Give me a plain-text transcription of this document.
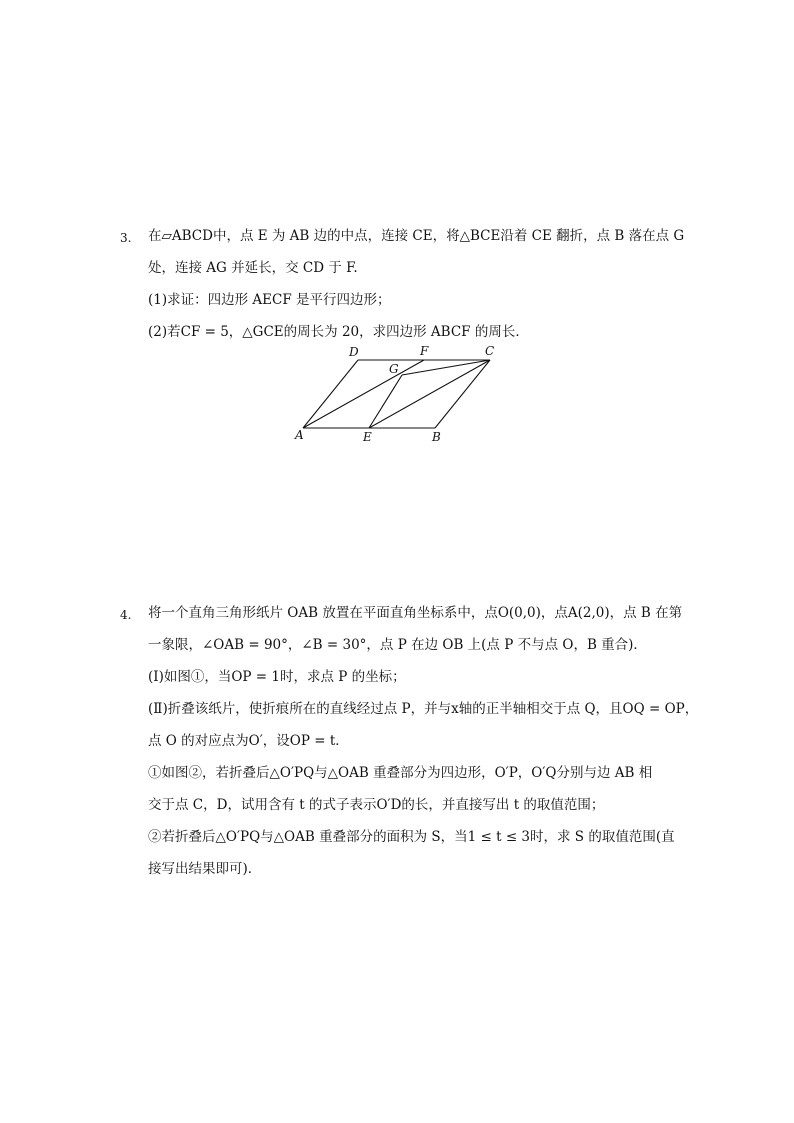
3. 在▱ABCD中，点 E 为 AB 边的中点，连接 CE，将△BCE沿着 CE 翻折，点 B 落在点 G
处，连接 AG 并延长，交 CD 于 F.
(1)求证：四边形 AECF 是平行四边形；
(2)若CF = 5，△GCE的周长为 20，求四边形 ABCF 的周长．
D	F	C
G
A	E	B
4. 将一个直角三角形纸片 OAB 放置在平面直角坐标系中，点O(0,0)，点A(2,0)，点 B 在第
一象限，∠OAB = 90°，∠B = 30°，点 P 在边 OB 上(点 P 不与点 O，B 重合)．
(Ⅰ)如图①，当OP = 1时，求点 P 的坐标；
(Ⅱ)折叠该纸片，使折痕所在的直线经过点 P，并与x轴的正半轴相交于点 Q，且OQ = OP，
点 O 的对应点为O′，设OP = t．
①如图②，若折叠后△O′PQ与△OAB 重叠部分为四边形，O′P，O′Q分别与边 AB 相
交于点 C，D，试用含有 t 的式子表示O′D的长，并直接写出 t 的取值范围；
②若折叠后△O′PQ与△OAB 重叠部分的面积为 S，当1 ≤ t ≤ 3时，求 S 的取值范围(直
接写出结果即可)．
